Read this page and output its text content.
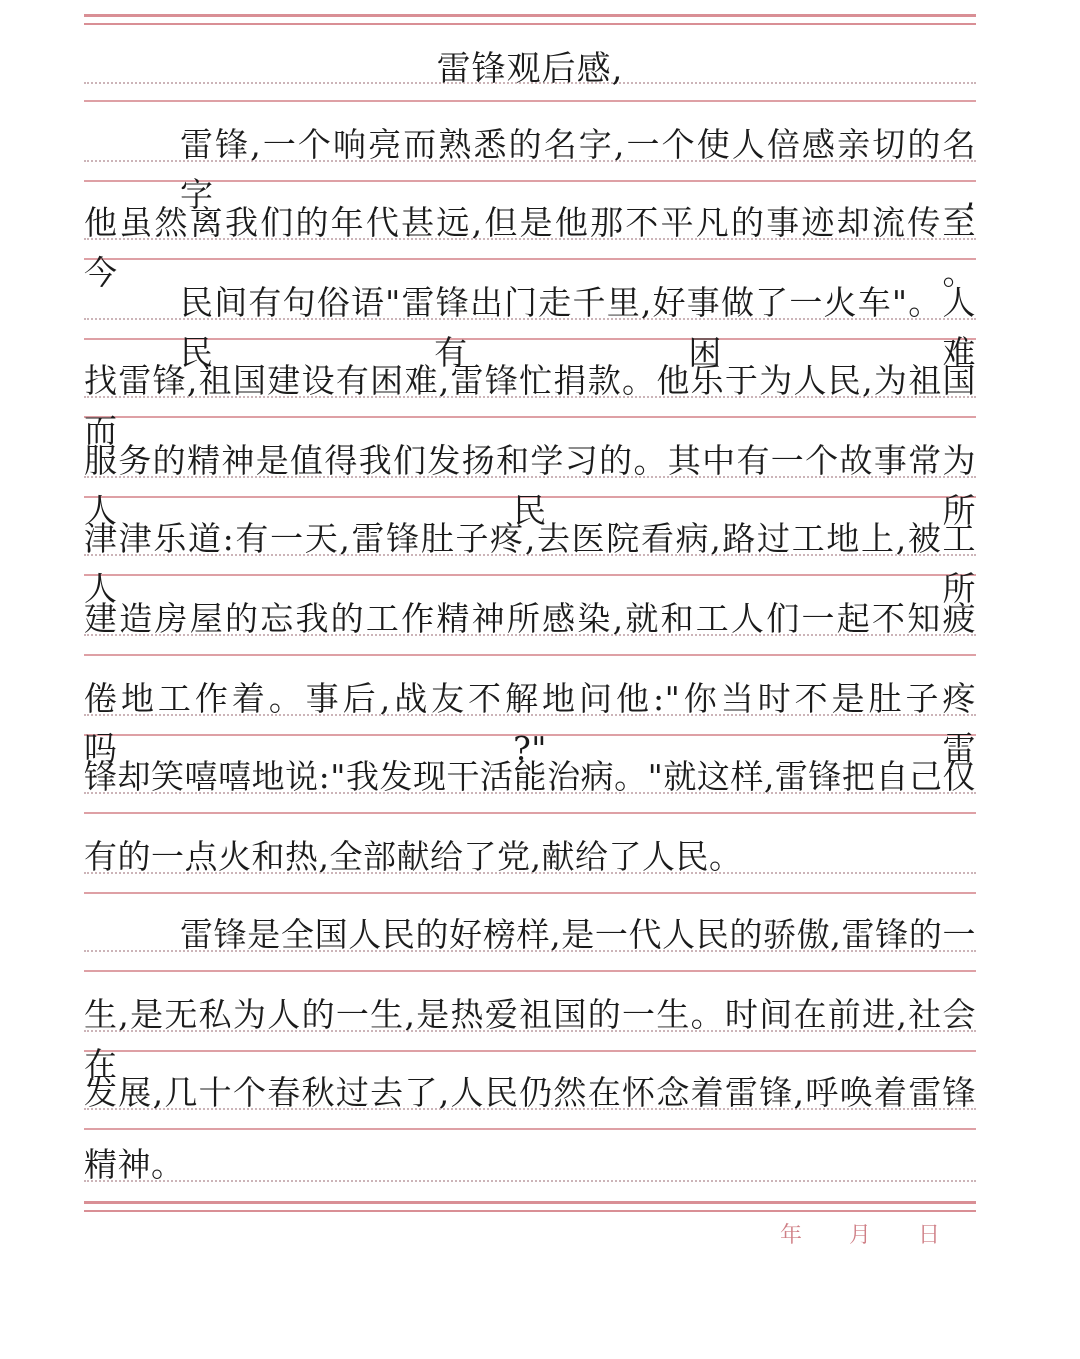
雷锋观后感,
雷锋,一个响亮而熟悉的名字,一个使人倍感亲切的名字,
他虽然离我们的年代甚远,但是他那不平凡的事迹却流传至今。
民间有句俗语"雷锋出门走千里,好事做了一火车"。人民有困难
找雷锋,祖国建设有困难,雷锋忙捐款。他乐于为人民,为祖国而
服务的精神是值得我们发扬和学习的。其中有一个故事常为人民所
津津乐道:有一天,雷锋肚子疼,去医院看病,路过工地上,被工人所
建造房屋的忘我的工作精神所感染,就和工人们一起不知疲
倦地工作着。事后,战友不解地问他:"你当时不是肚子疼吗?"雷
锋却笑嘻嘻地说:"我发现干活能治病。"就这样,雷锋把自己仅
有的一点火和热,全部献给了党,献给了人民。
雷锋是全国人民的好榜样,是一代人民的骄傲,雷锋的一
生,是无私为人的一生,是热爱祖国的一生。时间在前进,社会在
发展,几十个春秋过去了,人民仍然在怀念着雷锋,呼唤着雷锋
精神。
年 月 日
